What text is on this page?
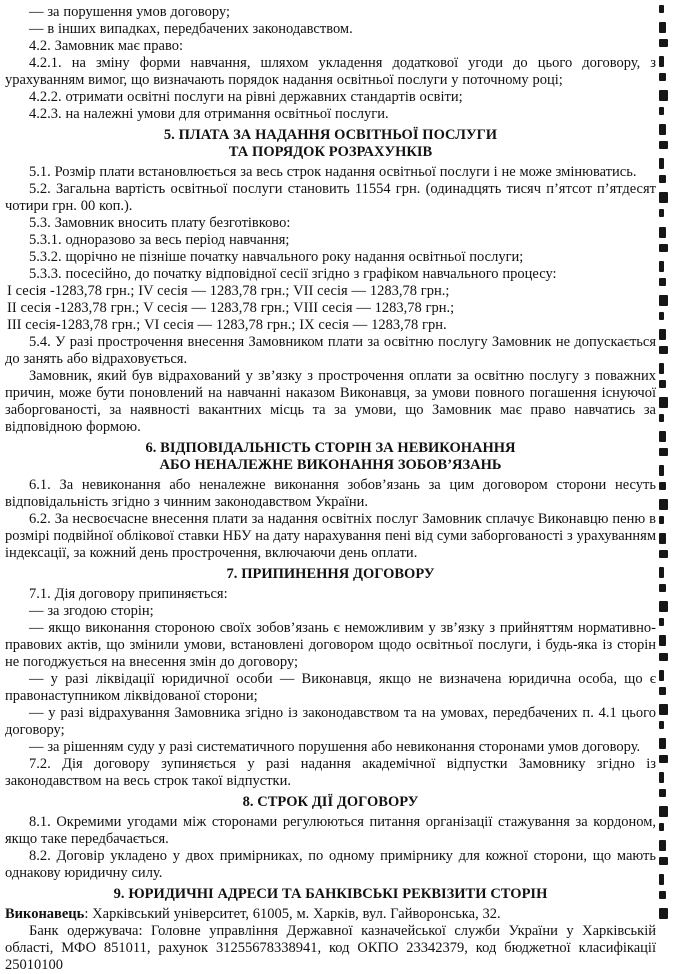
— за порушення умов договору;
— в інших випадках, передбачених законодавством.
4.2. Замовник має право:
4.2.1. на зміну форми навчання, шляхом укладення додаткової угоди до цього договору, з урахуванням вимог, що визначають порядок надання освітньої послуги у поточному році;
4.2.2. отримати освітні послуги на рівні державних стандартів освіти;
4.2.3. на належні умови для отримання освітньої послуги.
5. ПЛАТА ЗА НАДАННЯ ОСВІТНЬОЇ ПОСЛУГИ
ТА ПОРЯДОК РОЗРАХУНКІВ
5.1. Розмір плати встановлюється за весь строк надання освітньої послуги і не може змінюватись.
5.2. Загальна вартість освітньої послуги становить 11554 грн. (одинадцять тисяч п’ятсот п’ятдесят чотири грн. 00 коп.).
5.3. Замовник вносить плату безготівково:
5.3.1. одноразово за весь період навчання;
5.3.2. щорічно не пізніше початку навчального року надання освітньої послуги;
5.3.3. посесійно, до початку відповідної сесії згідно з графіком навчального процесу:
I сесія -1283,78 грн.; IV сесія — 1283,78 грн.; VII сесія — 1283,78 грн.;
II сесія -1283,78 грн.; V сесія — 1283,78 грн.; VIII сесія — 1283,78 грн.;
III сесія-1283,78 грн.; VI сесія — 1283,78 грн.; IX сесія — 1283,78 грн.
5.4. У разі прострочення внесення Замовником плати за освітню послугу Замовник не допускається до занять або відраховується.
Замовник, який був відрахований у зв’язку з прострочення оплати за освітню послугу з поважних причин, може бути поновлений на навчанні наказом Виконавця, за умови повного погашення існуючої заборгованості, за наявності вакантних місць та за умови, що Замовник має право навчатись за відповідною формою.
6. ВІДПОВІДАЛЬНІСТЬ СТОРІН ЗА НЕВИКОНАННЯ
АБО НЕНАЛЕЖНЕ ВИКОНАННЯ ЗОБОВ’ЯЗАНЬ
6.1. За невиконання або неналежне виконання зобов’язань за цим договором сторони несуть відповідальність згідно з чинним законодавством України.
6.2. За несвоєчасне внесення плати за надання освітніх послуг Замовник сплачує Виконавцю пеню в розмірі подвійної облікової ставки НБУ на дату нарахування пені від суми заборгованості з урахуванням індексації, за кожний день прострочення, включаючи день оплати.
7. ПРИПИНЕННЯ ДОГОВОРУ
7.1. Дія договору припиняється:
— за згодою сторін;
— якщо виконання стороною своїх зобов’язань є неможливим у зв’язку з прийняттям нормативно-правових актів, що змінили умови, встановлені договором щодо освітньої послуги, і будь-яка із сторін не погоджується на внесення змін до договору;
— у разі ліквідації юридичної особи — Виконавця, якщо не визначена юридична особа, що є правонаступником ліквідованої сторони;
— у разі відрахування Замовника згідно із законодавством та на умовах, передбачених п. 4.1 цього договору;
— за рішенням суду у разі систематичного порушення або невиконання сторонами умов договору.
7.2. Дія договору зупиняється у разі надання академічної відпустки Замовнику згідно із законодавством на весь строк такої відпустки.
8. СТРОК ДІЇ ДОГОВОРУ
8.1. Окремими угодами між сторонами регулюються питання організації стажування за кордоном, якщо таке передбачається.
8.2. Договір укладено у двох примірниках, по одному примірнику для кожної сторони, що мають однакову юридичну силу.
9. ЮРИДИЧНІ АДРЕСИ ТА БАНКІВСЬКІ РЕКВІЗИТИ СТОРІН
Виконавець: Харківський університет, 61005, м. Харків, вул. Гайворонська, 32.
Банк одержувача: Головне управління Державної казначейської служби України у Харківській області, МФО 851011, рахунок 31255678338941, код ОКПО 23342379, код бюджетної класифікації 25010100
